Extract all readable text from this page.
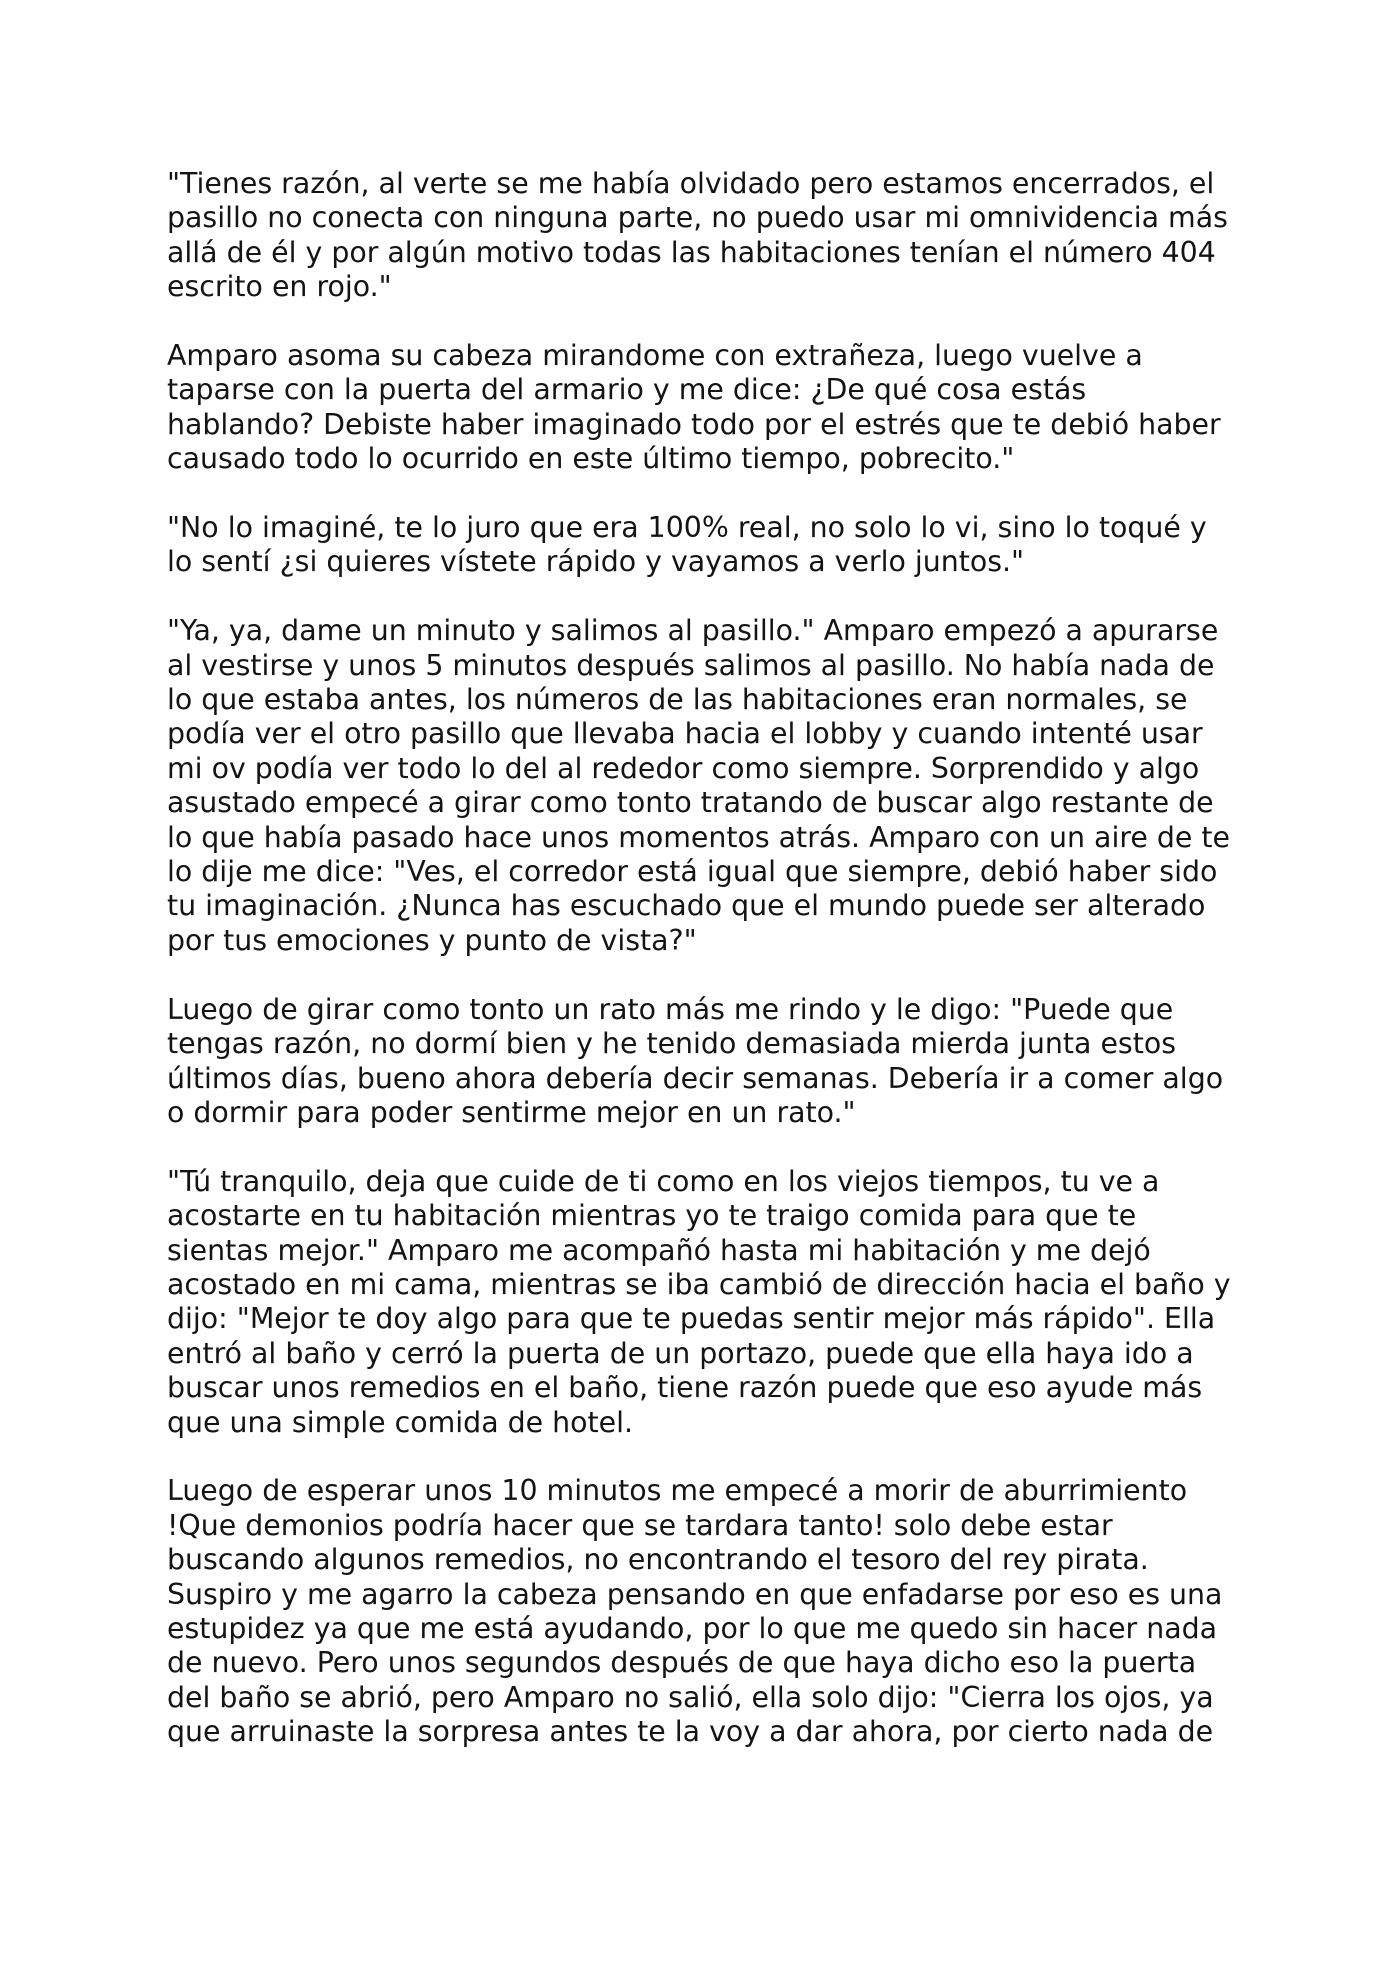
"Tienes razón, al verte se me había olvidado pero estamos encerrados, el
pasillo no conecta con ninguna parte, no puedo usar mi omnividencia más
allá de él y por algún motivo todas las habitaciones tenían el número 404
escrito en rojo."
Amparo asoma su cabeza mirandome con extrañeza, luego vuelve a
taparse con la puerta del armario y me dice: ¿De qué cosa estás
hablando? Debiste haber imaginado todo por el estrés que te debió haber
causado todo lo ocurrido en este último tiempo, pobrecito."
"No lo imaginé, te lo juro que era 100% real, no solo lo vi, sino lo toqué y
lo sentí ¿si quieres vístete rápido y vayamos a verlo juntos."
"Ya, ya, dame un minuto y salimos al pasillo." Amparo empezó a apurarse
al vestirse y unos 5 minutos después salimos al pasillo. No había nada de
lo que estaba antes, los números de las habitaciones eran normales, se
podía ver el otro pasillo que llevaba hacia el lobby y cuando intenté usar
mi ov podía ver todo lo del al rededor como siempre. Sorprendido y algo
asustado empecé a girar como tonto tratando de buscar algo restante de
lo que había pasado hace unos momentos atrás. Amparo con un aire de te
lo dije me dice: "Ves, el corredor está igual que siempre, debió haber sido
tu imaginación. ¿Nunca has escuchado que el mundo puede ser alterado
por tus emociones y punto de vista?"
Luego de girar como tonto un rato más me rindo y le digo: "Puede que
tengas razón, no dormí bien y he tenido demasiada mierda junta estos
últimos días, bueno ahora debería decir semanas. Debería ir a comer algo
o dormir para poder sentirme mejor en un rato."
"Tú tranquilo, deja que cuide de ti como en los viejos tiempos, tu ve a
acostarte en tu habitación mientras yo te traigo comida para que te
sientas mejor." Amparo me acompañó hasta mi habitación y me dejó
acostado en mi cama, mientras se iba cambió de dirección hacia el baño y
dijo: "Mejor te doy algo para que te puedas sentir mejor más rápido". Ella
entró al baño y cerró la puerta de un portazo, puede que ella haya ido a
buscar unos remedios en el baño, tiene razón puede que eso ayude más
que una simple comida de hotel.
Luego de esperar unos 10 minutos me empecé a morir de aburrimiento
!Que demonios podría hacer que se tardara tanto! solo debe estar
buscando algunos remedios, no encontrando el tesoro del rey pirata.
Suspiro y me agarro la cabeza pensando en que enfadarse por eso es una
estupidez ya que me está ayudando, por lo que me quedo sin hacer nada
de nuevo. Pero unos segundos después de que haya dicho eso la puerta
del baño se abrió, pero Amparo no salió, ella solo dijo: "Cierra los ojos, ya
que arruinaste la sorpresa antes te la voy a dar ahora, por cierto nada de
